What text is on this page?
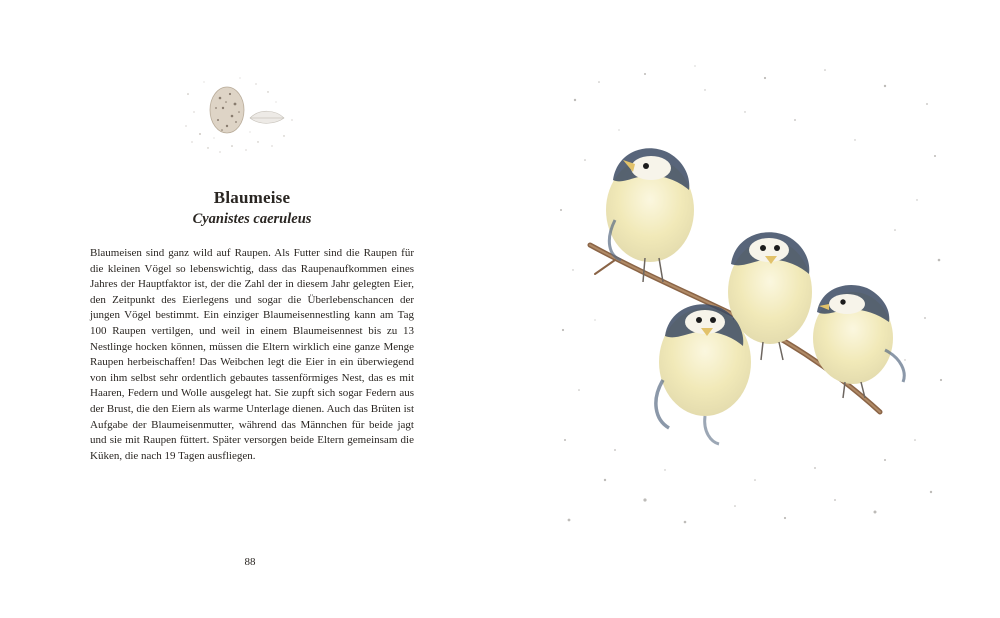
Blaumeise
Cyanistes caeruleus

Blaumeisen sind ganz wild auf Raupen. Als Futter sind die Raupen für die kleinen Vögel so lebenswichtig, dass das Raupenaufkommen eines Jahres der Hauptfaktor ist, der die Zahl der in diesem Jahr gelegten Eier, den Zeitpunkt des Eierlegens und sogar die Überlebenschancen der jungen Vögel bestimmt. Ein einziger Blaumeisennestling kann am Tag 100 Raupen vertilgen, und weil in einem Blaumeisennest bis zu 13 Nestlinge hocken können, müssen die Eltern wirklich eine ganze Menge Raupen herbeischaffen! Das Weibchen legt die Eier in ein überwiegend von ihm selbst sehr ordentlich gebautes tassenförmiges Nest, das es mit Haaren, Federn und Wolle ausgelegt hat. Sie zupft sich sogar Federn aus der Brust, die den Eiern als warme Unterlage dienen. Auch das Brüten ist Aufgabe der Blaumeisenmutter, während das Männchen für beide jagt und sie mit Raupen füttert. Später versorgen beide Eltern gemeinsam die Küken, die nach 19 Tagen ausfliegen.

88
